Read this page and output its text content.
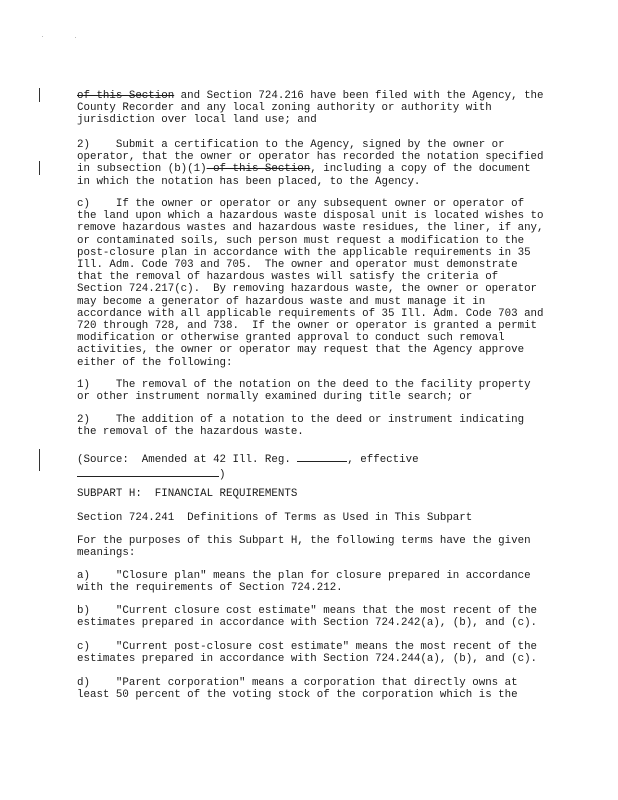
of this Section and Section 724.216 have been filed with the Agency, the
County Recorder and any local zoning authority or authority with
jurisdiction over local land use; and
2)    Submit a certification to the Agency, signed by the owner or
operator, that the owner or operator has recorded the notation specified
in subsection (b)(1) of this Section, including a copy of the document
in which the notation has been placed, to the Agency.
c)    If the owner or operator or any subsequent owner or operator of
the land upon which a hazardous waste disposal unit is located wishes to
remove hazardous wastes and hazardous waste residues, the liner, if any,
or contaminated soils, such person must request a modification to the
post-closure plan in accordance with the applicable requirements in 35
Ill. Adm. Code 703 and 705.  The owner and operator must demonstrate
that the removal of hazardous wastes will satisfy the criteria of
Section 724.217(c).  By removing hazardous waste, the owner or operator
may become a generator of hazardous waste and must manage it in
accordance with all applicable requirements of 35 Ill. Adm. Code 703 and
720 through 728, and 738.  If the owner or operator is granted a permit
modification or otherwise granted approval to conduct such removal
activities, the owner or operator may request that the Agency approve
either of the following:
1)    The removal of the notation on the deed to the facility property
or other instrument normally examined during title search; or
2)    The addition of a notation to the deed or instrument indicating
the removal of the hazardous waste.
(Source:  Amended at 42 Ill. Reg.	, effective
)
SUBPART H:  FINANCIAL REQUIREMENTS
Section 724.241  Definitions of Terms as Used in This Subpart
For the purposes of this Subpart H, the following terms have the given
meanings:
a)    "Closure plan" means the plan for closure prepared in accordance
with the requirements of Section 724.212.
b)    "Current closure cost estimate" means that the most recent of the
estimates prepared in accordance with Section 724.242(a), (b), and (c).
c)    "Current post-closure cost estimate" means the most recent of the
estimates prepared in accordance with Section 724.244(a), (b), and (c).
d)    "Parent corporation" means a corporation that directly owns at
least 50 percent of the voting stock of the corporation which is the
